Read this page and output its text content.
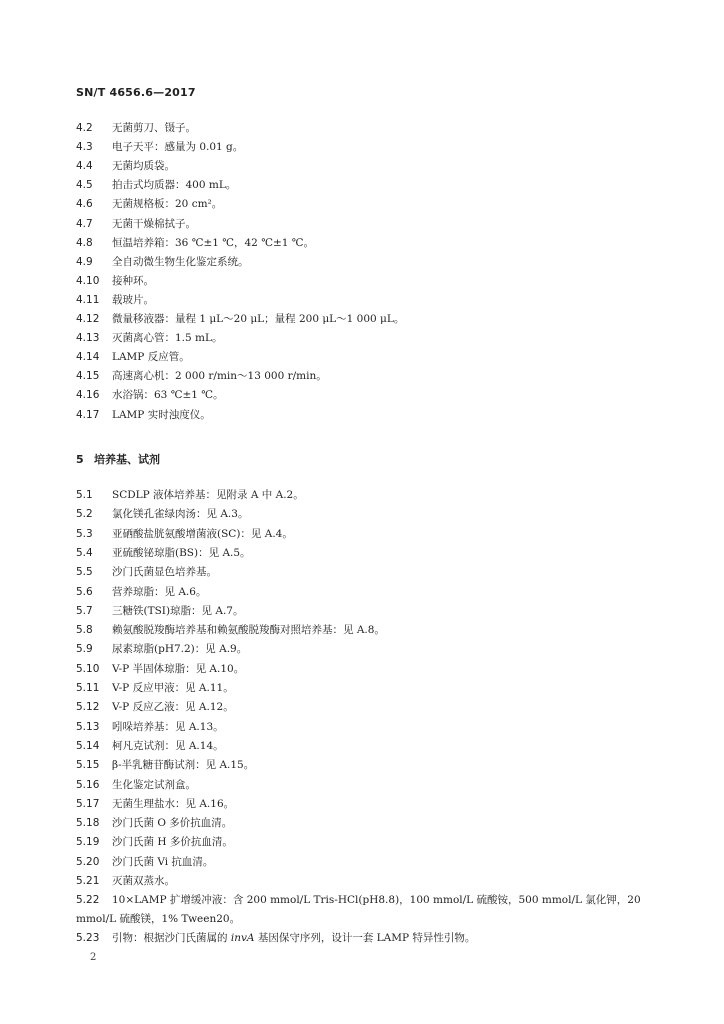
SN/T 4656.6—2017
5 培养基、试剂
2
4.2 无菌剪刀、镊子。
4.3 电子天平：感量为 0.01 g。
4.4 无菌均质袋。
4.5 拍击式均质器：400 mL。
4.6 无菌规格板：20 cm²。
4.7 无菌干燥棉拭子。
4.8 恒温培养箱：36 ℃±1 ℃，42 ℃±1 ℃。
4.9 全自动微生物生化鉴定系统。
4.10 接种环。
4.11 载玻片。
4.12 微量移液器：量程 1 μL～20 μL；量程 200 μL～1 000 μL。
4.13 灭菌离心管：1.5 mL。
4.14 LAMP 反应管。
4.15 高速离心机：2 000 r/min～13 000 r/min。
4.16 水浴锅：63 ℃±1 ℃。
4.17 LAMP 实时浊度仪。
5.1 SCDLP 液体培养基：见附录 A 中 A.2。
5.2 氯化镁孔雀绿肉汤：见 A.3。
5.3 亚硒酸盐胱氨酸增菌液(SC)：见 A.4。
5.4 亚硫酸铋琼脂(BS)：见 A.5。
5.5 沙门氏菌显色培养基。
5.6 营养琼脂：见 A.6。
5.7 三糖铁(TSI)琼脂：见 A.7。
5.8 赖氨酸脱羧酶培养基和赖氨酸脱羧酶对照培养基：见 A.8。
5.9 尿素琼脂(pH7.2)：见 A.9。
5.10 V-P 半固体琼脂：见 A.10。
5.11 V-P 反应甲液：见 A.11。
5.12 V-P 反应乙液：见 A.12。
5.13 吲哚培养基：见 A.13。
5.14 柯凡克试剂：见 A.14。
5.15 β-半乳糖苷酶试剂：见 A.15。
5.16 生化鉴定试剂盒。
5.17 无菌生理盐水：见 A.16。
5.18 沙门氏菌 O 多价抗血清。
5.19 沙门氏菌 H 多价抗血清。
5.20 沙门氏菌 Vi 抗血清。
5.21 灭菌双蒸水。
5.22 10×LAMP 扩增缓冲液：含 200 mmol/L Tris-HCl(pH8.8)，100 mmol/L 硫酸铵，500 mmol/L 氯化钾，20 mmol/L 硫酸镁，1% Tween20。
5.23 引物：根据沙门氏菌属的 invA 基因保守序列，设计一套 LAMP 特异性引物。
